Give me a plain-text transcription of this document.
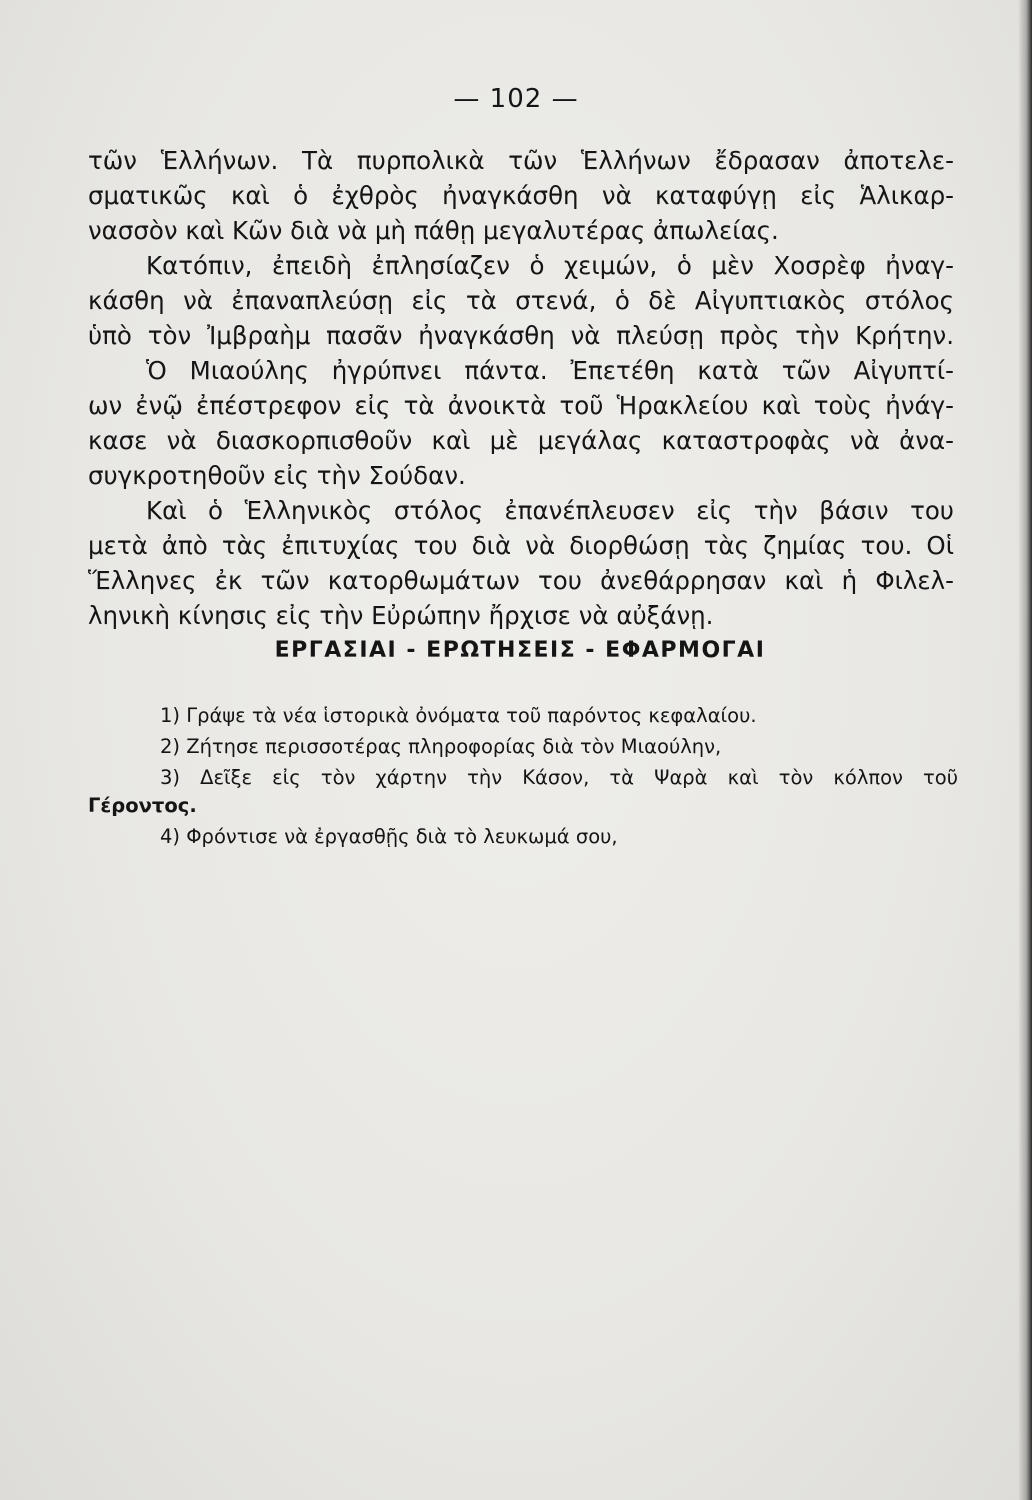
— 102 —
τῶν Ἑλλήνων. Τὰ πυρπολικὰ τῶν Ἑλλήνων ἔδρασαν ἀποτελε-
σματικῶς καὶ ὁ ἐχθρὸς ἠναγκάσθη νὰ καταφύγῃ εἰς Ἁλικαρ-
νασσὸν καὶ Κῶν διὰ νὰ μὴ πάθῃ μεγαλυτέρας ἀπωλείας.
Κατόπιν, ἐπειδὴ ἐπλησίαζεν ὁ χειμών, ὁ μὲν Χοσρὲφ ἠναγ-
κάσθη νὰ ἐπαναπλεύσῃ εἰς τὰ στενά, ὁ δὲ Αἰγυπτιακὸς στόλος
ὑπὸ τὸν Ἰμβραὴμ πασᾶν ἠναγκάσθη νὰ πλεύσῃ πρὸς τὴν Κρήτην.
Ὁ Μιαούλης ἠγρύπνει πάντα. Ἐπετέθη κατὰ τῶν Αἰγυπτί-
ων ἐνῷ ἐπέστρεφον εἰς τὰ ἀνοικτὰ τοῦ Ἡρακλείου καὶ τοὺς ἠνάγ-
κασε νὰ διασκορπισθοῦν καὶ μὲ μεγάλας καταστροφὰς νὰ ἀνα-
συγκροτηθοῦν εἰς τὴν Σούδαν.
Καὶ ὁ Ἑλληνικὸς στόλος ἐπανέπλευσεν εἰς τὴν βάσιν του
μετὰ ἀπὸ τὰς ἐπιτυχίας του διὰ νὰ διορθώσῃ τὰς ζημίας του. Οἱ
Ἕλληνες ἐκ τῶν κατορθωμάτων του ἀνεθάρρησαν καὶ ἡ Φιλελ-
ληνικὴ κίνησις εἰς τὴν Εὐρώπην ἤρχισε νὰ αὐξάνῃ.
ΕΡΓΑΣΙΑΙ - ΕΡΩΤΗΣΕΙΣ - ΕΦΑΡΜΟΓΑΙ
1) Γράψε τὰ νέα ἱστορικὰ ὀνόματα τοῦ παρόντος κεφαλαίου.
2) Ζήτησε περισσοτέρας πληροφορίας διὰ τὸν Μιαούλην,
3) Δεῖξε εἰς τὸν χάρτην τὴν Κάσον, τὰ Ψαρὰ καὶ τὸν κόλπον τοῦ
Γέροντος.
4) Φρόντισε νὰ ἐργασθῇς διὰ τὸ λευκωμά σου,
